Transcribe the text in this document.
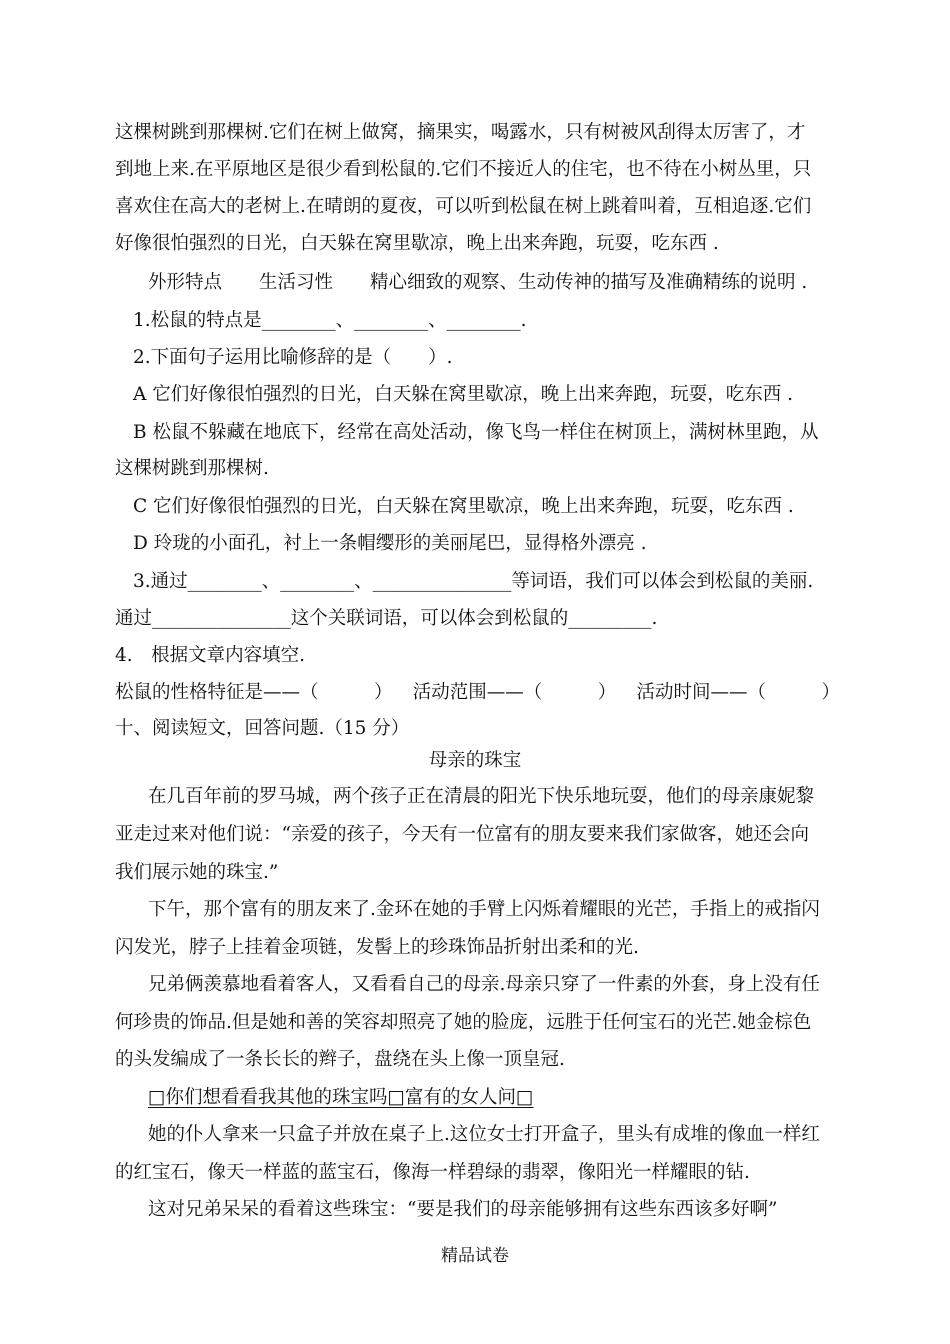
这棵树跳到那棵树.它们在树上做窝，摘果实，喝露水，只有树被风刮得太厉害了，才
到地上来.在平原地区是很少看到松鼠的.它们不接近人的住宅，也不待在小树丛里，只
喜欢住在高大的老树上.在晴朗的夏夜，可以听到松鼠在树上跳着叫着，互相追逐.它们
好像很怕强烈的日光，白天躲在窝里歇凉，晚上出来奔跑，玩耍，吃东西 .
外形特点　　生活习性　　精心细致的观察、生动传神的描写及准确精练的说明 .
1.松鼠的特点是________、________、________.
2.下面句子运用比喻修辞的是（　　）.
A 它们好像很怕强烈的日光，白天躲在窝里歇凉，晚上出来奔跑，玩耍，吃东西 .
B 松鼠不躲藏在地底下，经常在高处活动，像飞鸟一样住在树顶上，满树林里跑，从
这棵树跳到那棵树.
C 它们好像很怕强烈的日光，白天躲在窝里歇凉，晚上出来奔跑，玩耍，吃东西 .
D 玲珑的小面孔，衬上一条帽缨形的美丽尾巴，显得格外漂亮 .
3.通过________、________、_______________等词语，我们可以体会到松鼠的美丽.
通过_______________这个关联词语，可以体会到松鼠的_________.
4.　根据文章内容填空.
松鼠的性格特征是——（　　　） 活动范围——（　　　） 活动时间——（　　　）
十、阅读短文，回答问题.（15 分）
母亲的珠宝
在几百年前的罗马城，两个孩子正在清晨的阳光下快乐地玩耍，他们的母亲康妮黎
亚走过来对他们说：“亲爱的孩子，今天有一位富有的朋友要来我们家做客，她还会向
我们展示她的珠宝.”
下午，那个富有的朋友来了.金环在她的手臂上闪烁着耀眼的光芒，手指上的戒指闪
闪发光，脖子上挂着金项链，发髻上的珍珠饰品折射出柔和的光.
兄弟俩羡慕地看着客人，又看看自己的母亲.母亲只穿了一件素的外套，身上没有任
何珍贵的饰品.但是她和善的笑容却照亮了她的脸庞，远胜于任何宝石的光芒.她金棕色
的头发编成了一条长长的辫子，盘绕在头上像一顶皇冠.
□你们想看看我其他的珠宝吗□富有的女人问□
她的仆人拿来一只盒子并放在桌子上.这位女士打开盒子，里头有成堆的像血一样红
的红宝石，像天一样蓝的蓝宝石，像海一样碧绿的翡翠，像阳光一样耀眼的钻.
这对兄弟呆呆的看着这些珠宝：“要是我们的母亲能够拥有这些东西该多好啊”
精品试卷
